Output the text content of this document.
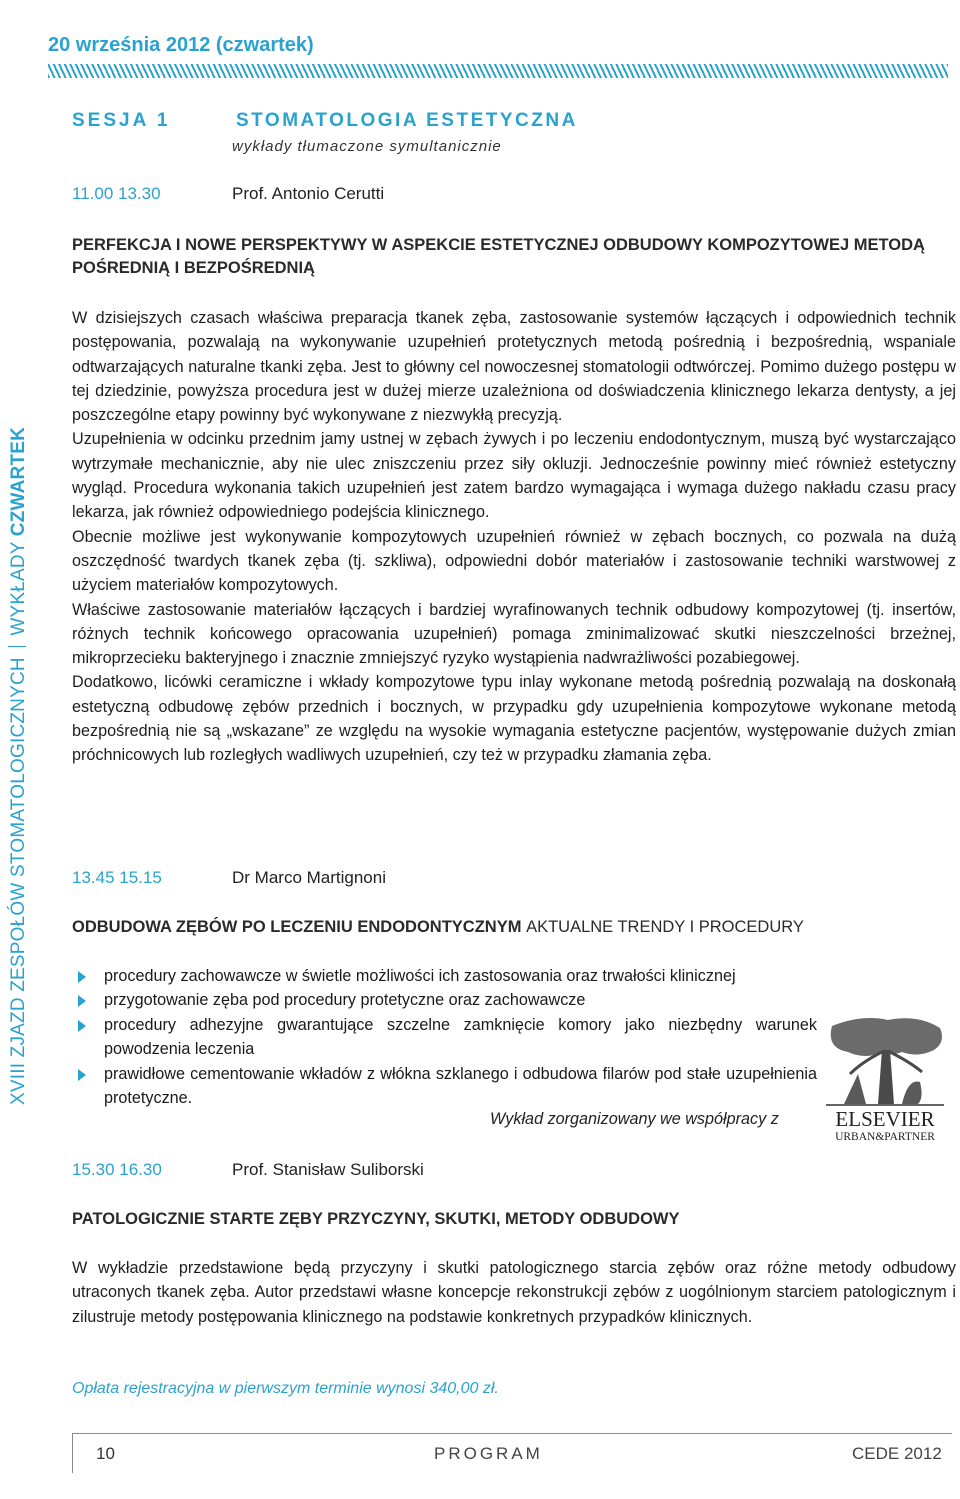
XVIII ZJAZD ZESPOŁÓW STOMATOLOGICZNYCHWYKŁADY CZWARTEK
20 września 2012 (czwartek)
SESJA 1	STOMATOLOGIA ESTETYCZNA
wykłady tłumaczone symultanicznie
11.00 13.30	Prof. Antonio Cerutti
PERFEKCJA I NOWE PERSPEKTYWY W ASPEKCIE ESTETYCZNEJ ODBUDOWY KOMPOZYTOWEJ METODĄ POŚREDNIĄ I BEZPOŚREDNIĄ

W dzisiejszych czasach właściwa preparacja tkanek zęba, zastosowanie systemów łączących i odpowiednich technik postępowania, pozwalają na wykonywanie uzupełnień protetycznych metodą pośrednią i bezpośrednią, wspaniale odtwarzających naturalne tkanki zęba. Jest to główny cel nowoczesnej stomatologii odtwórczej. Pomimo dużego postępu w tej dziedzinie, powyższa procedura jest w dużej mierze uzależniona od doświadczenia klinicznego lekarza dentysty, a jej poszczególne etapy powinny być wykonywane z niezwykłą precyzją.

Uzupełnienia w odcinku przednim jamy ustnej w zębach żywych i po leczeniu endodontycznym, muszą być wystarczająco wytrzymałe mechanicznie, aby nie ulec zniszczeniu przez siły okluzji. Jednocześnie powinny mieć również estetyczny wygląd. Procedura wykonania takich uzupełnień jest zatem bardzo wymagająca i wymaga dużego nakładu czasu pracy lekarza, jak również odpowiedniego podejścia klinicznego.

Obecnie możliwe jest wykonywanie kompozytowych uzupełnień również w zębach bocznych, co pozwala na dużą oszczędność twardych tkanek zęba (tj. szkliwa), odpowiedni dobór materiałów i zastosowanie techniki warstwowej z użyciem materiałów kompozytowych.

Właściwe zastosowanie materiałów łączących i bardziej wyrafinowanych technik odbudowy kompozytowej (tj. insertów, różnych technik końcowego opracowania uzupełnień) pomaga zminimalizować skutki nieszczelności brzeżnej, mikroprzecieku bakteryjnego i znacznie zmniejszyć ryzyko wystąpienia nadwrażliwości pozabiegowej.

Dodatkowo, licówki ceramiczne i wkłady kompozytowe typu inlay wykonane metodą pośrednią pozwalają na doskonałą estetyczną odbudowę zębów przednich i bocznych, w przypadku gdy uzupełnienia kompozytowe wykonane metodą bezpośrednią nie są „wskazane” ze względu na wysokie wymagania estetyczne pacjentów, występowanie dużych zmian próchnicowych lub rozległych wadliwych uzupełnień, czy też w przypadku złamania zęba.

13.45 15.15	Dr Marco Martignoni
ODBUDOWA ZĘBÓW PO LECZENIU ENDODONTYCZNYM AKTUALNE TRENDY I PROCEDURY
procedury zachowawcze w świetle możliwości ich zastosowania oraz trwałości klinicznej
przygotowanie zęba pod procedury protetyczne oraz zachowawcze
procedury adhezyjne gwarantujące szczelne zamknięcie komory jako niezbędny warunek powodzenia leczenia
prawidłowe cementowanie wkładów z włókna szklanego i odbudowa filarów pod stałe uzupełnienia protetyczne.
Wykład zorganizowany we współpracy z	ELSEVIER
URBAN&PARTNER
15.30 16.30	Prof. Stanisław Suliborski
PATOLOGICZNIE STARTE ZĘBY PRZYCZYNY, SKUTKI, METODY ODBUDOWY

W wykładzie przedstawione będą przyczyny i skutki patologicznego starcia zębów oraz różne metody odbudowy utraconych tkanek zęba. Autor przedstawi własne koncepcje rekonstrukcji zębów z uogólnionym starciem patologicznym i zilustruje metody postępowania klinicznego na podstawie konkretnych przypadków klinicznych.

Opłata rejestracyjna w pierwszym terminie wynosi 340,00 zł.
10	PROGRAM	CEDE 2012
